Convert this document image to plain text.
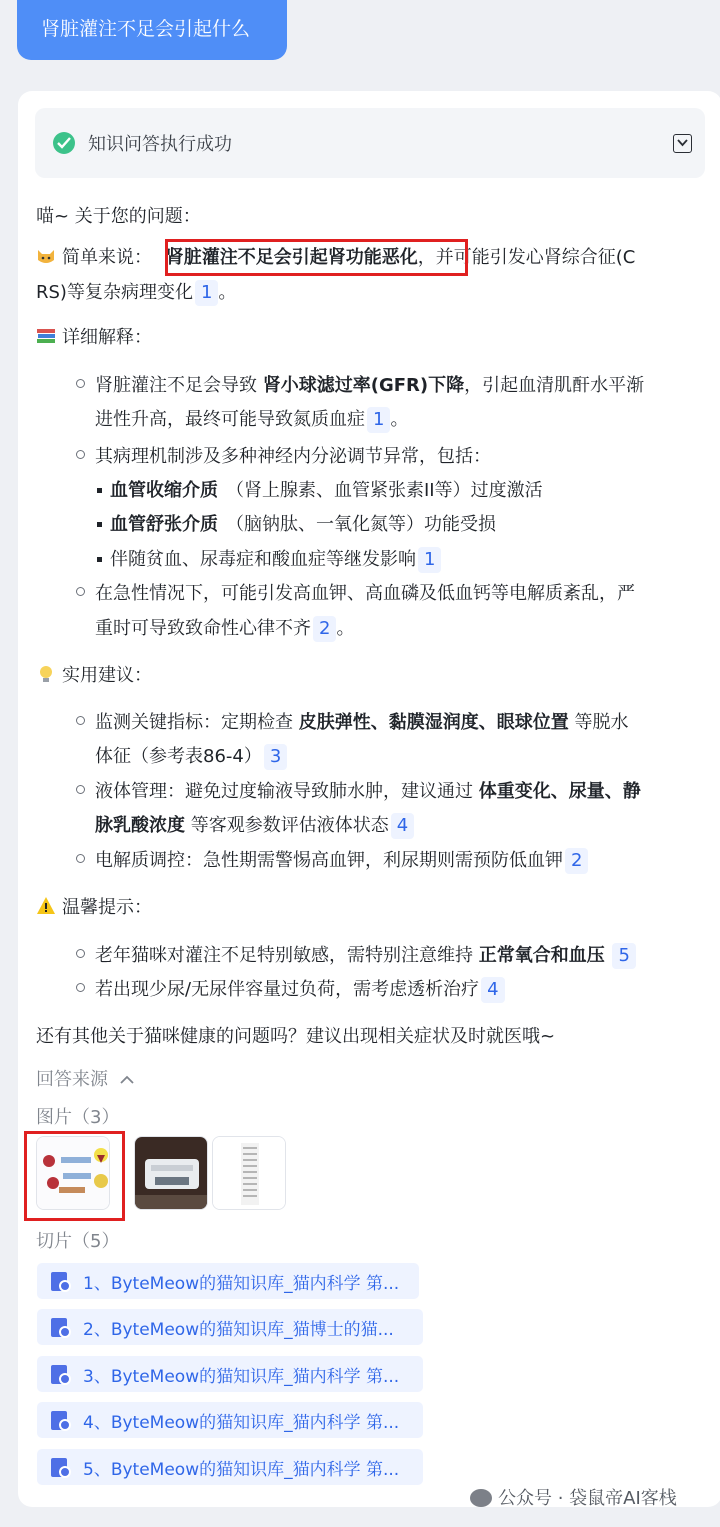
肾脏灌注不足会引起什么
知识问答执行成功
喵~ 关于您的问题：
简单来说： 肾脏灌注不足会引起肾功能恶化，并可能引发心肾综合征(C
RS)等复杂病理变化 1 。
详细解释：
肾脏灌注不足会导致 肾小球滤过率(GFR)下降，引起血清肌酐水平渐
进性升高，最终可能导致氮质血症 1 。
其病理机制涉及多种神经内分泌调节异常，包括：
血管收缩介质 （肾上腺素、血管紧张素II等）过度激活
血管舒张介质 （脑钠肽、一氧化氮等）功能受损
伴随贫血、尿毒症和酸血症等继发影响 1
在急性情况下，可能引发高血钾、高血磷及低血钙等电解质紊乱，严
重时可导致致命性心律不齐 2 。
实用建议：
监测关键指标：定期检查 皮肤弹性、黏膜湿润度、眼球位置 等脱水
体征（参考表86-4） 3
液体管理：避免过度输液导致肺水肿，建议通过 体重变化、尿量、静
脉乳酸浓度 等客观参数评估液体状态 4
电解质调控：急性期需警惕高血钾，利尿期则需预防低血钾 2
温馨提示：
老年猫咪对灌注不足特别敏感，需特别注意维持 正常氧合和血压 5
若出现少尿/无尿伴容量过负荷，需考虑透析治疗 4
还有其他关于猫咪健康的问题吗？建议出现相关症状及时就医哦~
回答来源
图片（3）
切片（5）
1、ByteMeow的猫知识库_猫内科学 第...
2、ByteMeow的猫知识库_猫博士的猫...
3、ByteMeow的猫知识库_猫内科学 第...
4、ByteMeow的猫知识库_猫内科学 第...
5、ByteMeow的猫知识库_猫内科学 第...
公众号 · 袋鼠帝AI客栈
